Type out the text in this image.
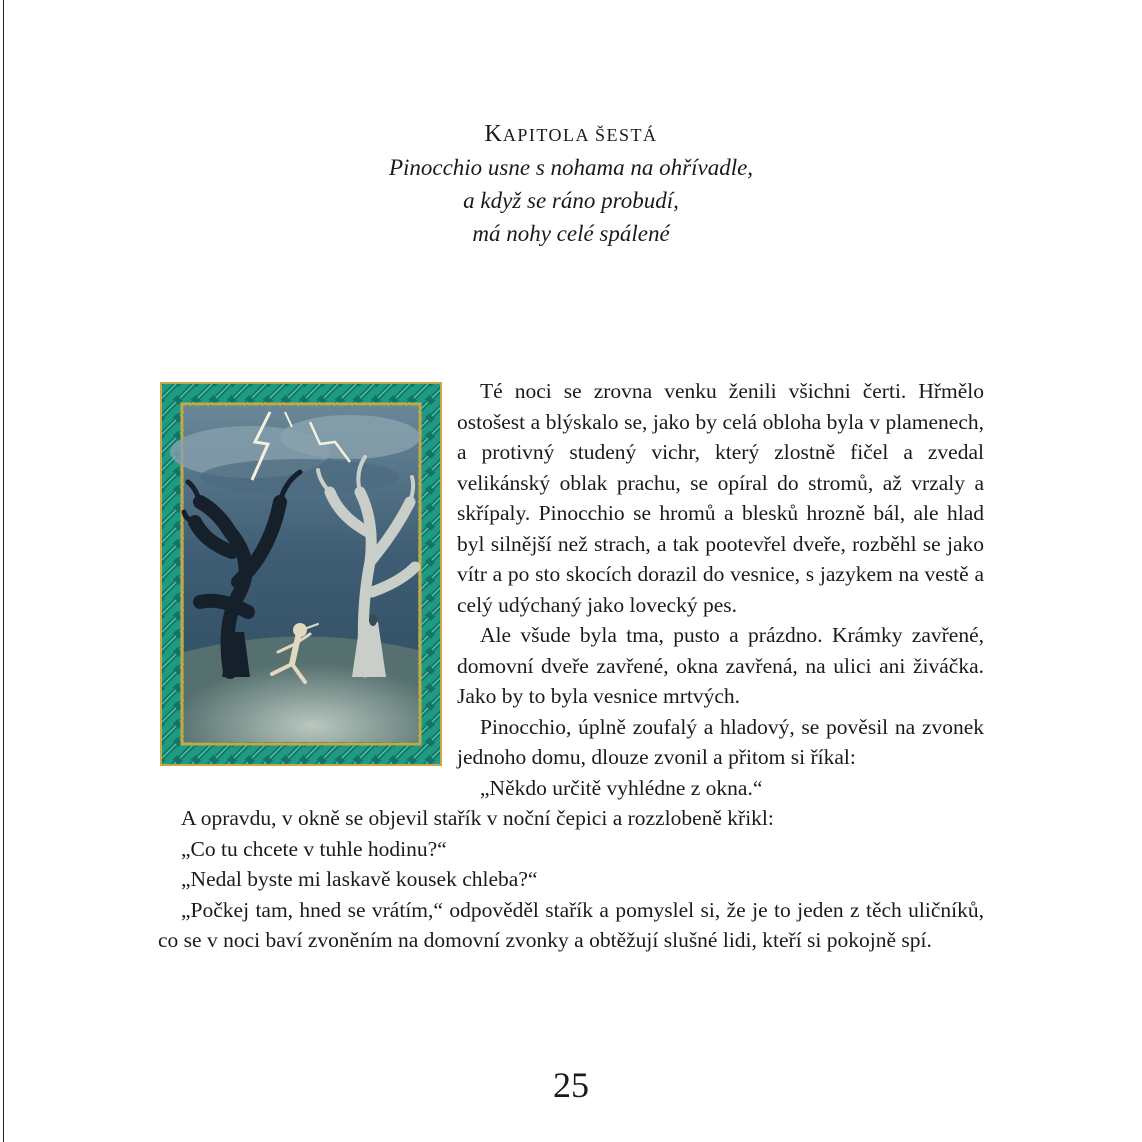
KAPITOLA ŠESTÁ
Pinocchio usne s nohama na ohřívadle,
a když se ráno probudí,
má nohy celé spálené

Té noci se zrovna venku ženili všichni čerti. Hřmělo ostošest a blýskalo se, jako by celá obloha byla v plamenech, a protivný studený vichr, který zlostně fičel a zvedal velikánský oblak prachu, se opíral do stromů, až vrzaly a skřípaly. Pinocchio se hromů a blesků hrozně bál, ale hlad byl silnější než strach, a tak pootevřel dveře, rozběhl se jako vítr a po sto skocích dorazil do vesnice, s jazykem na vestě a celý udýchaný jako lovecký pes.

Ale všude byla tma, pusto a prázdno. Krámky zavřené, domovní dveře zavřené, okna zavřená, na ulici ani živáčka. Jako by to byla vesnice mrtvých.

Pinocchio, úplně zoufalý a hladový, se pověsil na zvonek jednoho domu, dlouze zvonil a přitom si říkal:

„Někdo určitě vyhlédne z okna.“

A opravdu, v okně se objevil stařík v noční čepici a rozzlobeně křikl:

„Co tu chcete v tuhle hodinu?“

„Nedal byste mi laskavě kousek chleba?“

„Počkej tam, hned se vrátím,“ odpověděl stařík a pomyslel si, že je to jeden z těch uličníků, co se v noci baví zvoněním na domovní zvonky a obtěžují slušné lidi, kteří si pokojně spí.

25
